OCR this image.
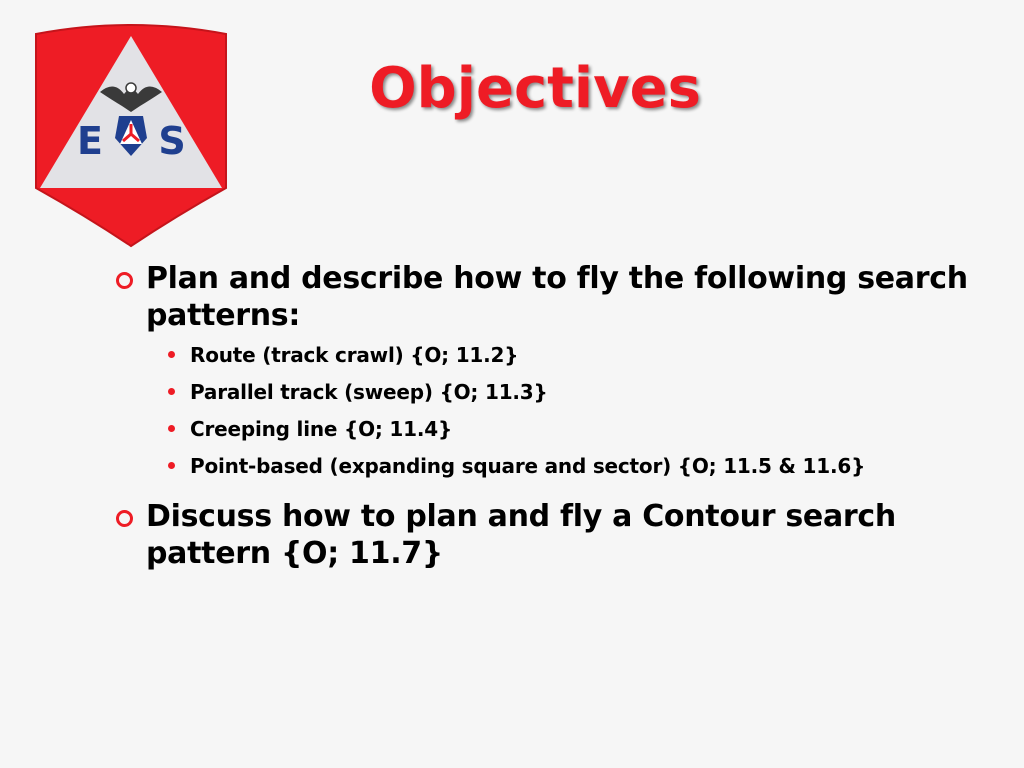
E S
Objectives
Plan and describe how to fly the following search patterns:
Route (track crawl) {O; 11.2}
Parallel track (sweep) {O; 11.3}
Creeping line {O; 11.4}
Point-based (expanding square and sector) {O; 11.5 & 11.6}
Discuss how to plan and fly a Contour search pattern {O; 11.7}
